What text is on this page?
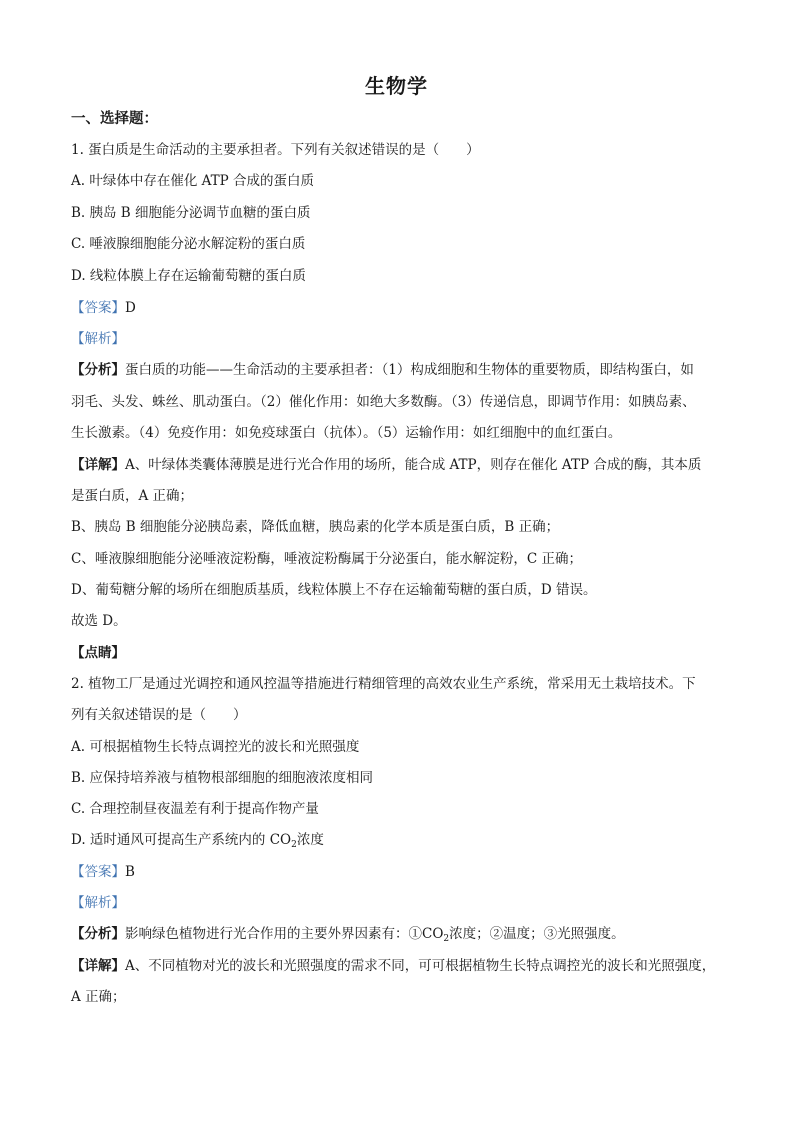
生物学
一、选择题：
1. 蛋白质是生命活动的主要承担者。下列有关叙述错误的是（　　）
A. 叶绿体中存在催化 ATP 合成的蛋白质
B. 胰岛 B 细胞能分泌调节血糖的蛋白质
C. 唾液腺细胞能分泌水解淀粉的蛋白质
D. 线粒体膜上存在运输葡萄糖的蛋白质
【答案】D
【解析】
【分析】蛋白质的功能——生命活动的主要承担者：（1）构成细胞和生物体的重要物质，即结构蛋白，如
羽毛、头发、蛛丝、肌动蛋白。（2）催化作用：如绝大多数酶。（3）传递信息，即调节作用：如胰岛素、
生长激素。（4）免疫作用：如免疫球蛋白（抗体）。（5）运输作用：如红细胞中的血红蛋白。
【详解】A、叶绿体类囊体薄膜是进行光合作用的场所，能合成 ATP，则存在催化 ATP 合成的酶，其本质
是蛋白质，A 正确；
B、胰岛 B 细胞能分泌胰岛素，降低血糖，胰岛素的化学本质是蛋白质，B 正确；
C、唾液腺细胞能分泌唾液淀粉酶，唾液淀粉酶属于分泌蛋白，能水解淀粉，C 正确；
D、葡萄糖分解的场所在细胞质基质，线粒体膜上不存在运输葡萄糖的蛋白质，D 错误。
故选 D。
【点睛】
2. 植物工厂是通过光调控和通风控温等措施进行精细管理的高效农业生产系统，常采用无土栽培技术。下
列有关叙述错误的是（　　）
A. 可根据植物生长特点调控光的波长和光照强度
B. 应保持培养液与植物根部细胞的细胞液浓度相同
C. 合理控制昼夜温差有利于提高作物产量
D. 适时通风可提高生产系统内的 $CO_2$浓度
【答案】B
【解析】
【分析】影响绿色植物进行光合作用的主要外界因素有：$①CO_2$浓度；②温度；③光照强度。
【详解】A、不同植物对光的波长和光照强度的需求不同，可可根据植物生长特点调控光的波长和光照强度，
A 正确；
